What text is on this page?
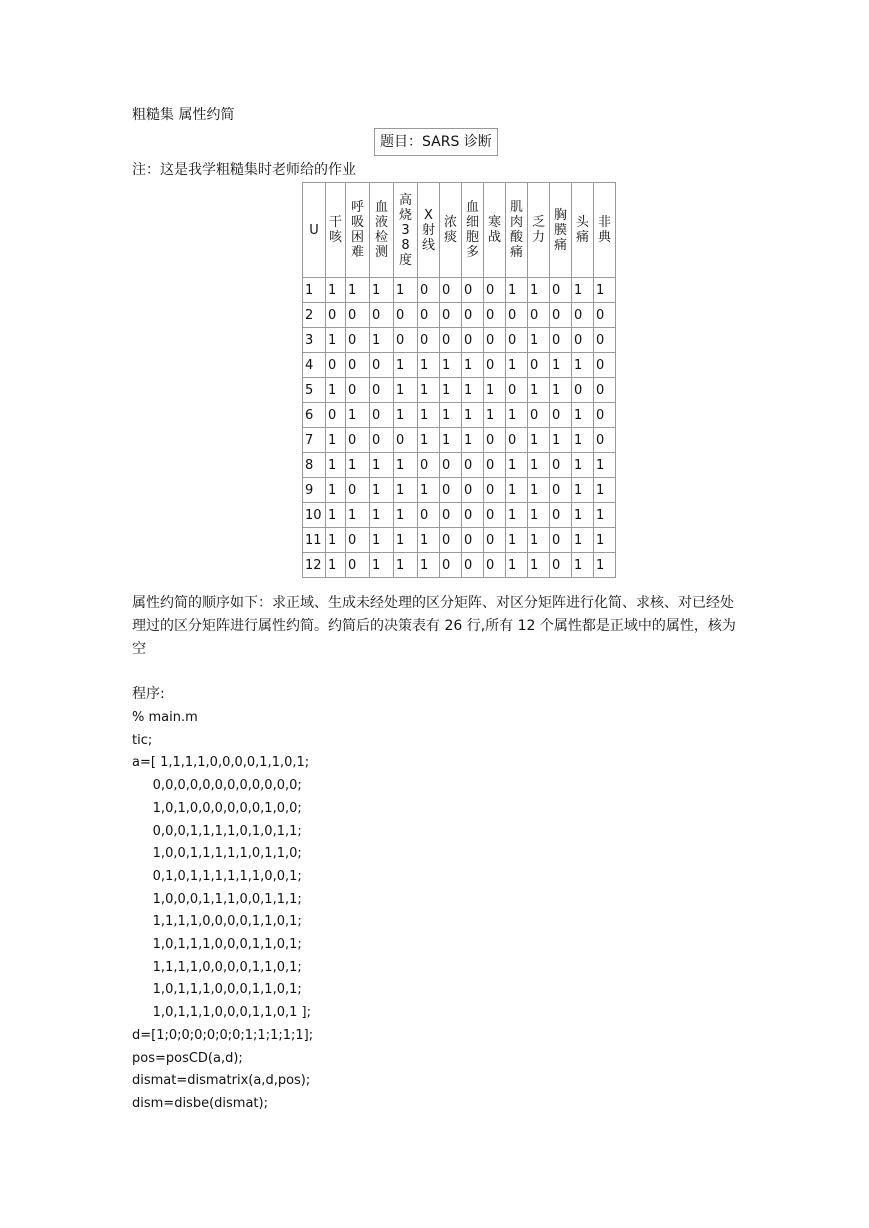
粗糙集 属性约简
题目：SARS 诊断
注：这是我学粗糙集时老师给的作业
U	干咳	呼吸困难	血液检测	高烧38度	X射线	浓痰	血细胞多	寒战	肌肉酸痛	乏力	胸膜痛	头痛	非典

1	1	1	1	1	0	0	0	0	1	1	0	1	1
2	0	0	0	0	0	0	0	0	0	0	0	0	0
3	1	0	1	0	0	0	0	0	0	1	0	0	0
4	0	0	0	1	1	1	1	0	1	0	1	1	0
5	1	0	0	1	1	1	1	1	0	1	1	0	0
6	0	1	0	1	1	1	1	1	1	0	0	1	0
7	1	0	0	0	1	1	1	0	0	1	1	1	0
8	1	1	1	1	0	0	0	0	1	1	0	1	1
9	1	0	1	1	1	0	0	0	1	1	0	1	1
10	1	1	1	1	0	0	0	0	1	1	0	1	1
11	1	0	1	1	1	0	0	0	1	1	0	1	1
12	1	0	1	1	1	0	0	0	1	1	0	1	1
属性约简的顺序如下：求正域、生成未经处理的区分矩阵、对区分矩阵进行化简、求核、对已经处理过的区分矩阵进行属性约简。约简后的决策表有 26 行,所有 12 个属性都是正域中的属性，核为空
程序:
% main.m
tic;
a=[ 1,1,1,1,0,0,0,0,1,1,0,1;
0,0,0,0,0,0,0,0,0,0,0,0;
1,0,1,0,0,0,0,0,0,1,0,0;
0,0,0,1,1,1,1,0,1,0,1,1;
1,0,0,1,1,1,1,1,0,1,1,0;
0,1,0,1,1,1,1,1,1,0,0,1;
1,0,0,0,1,1,1,0,0,1,1,1;
1,1,1,1,0,0,0,0,1,1,0,1;
1,0,1,1,1,0,0,0,1,1,0,1;
1,1,1,1,0,0,0,0,1,1,0,1;
1,0,1,1,1,0,0,0,1,1,0,1;
1,0,1,1,1,0,0,0,1,1,0,1 ];
d=[1;0;0;0;0;0;0;1;1;1;1;1];
pos=posCD(a,d);
dismat=dismatrix(a,d,pos);
dism=disbe(dismat);
